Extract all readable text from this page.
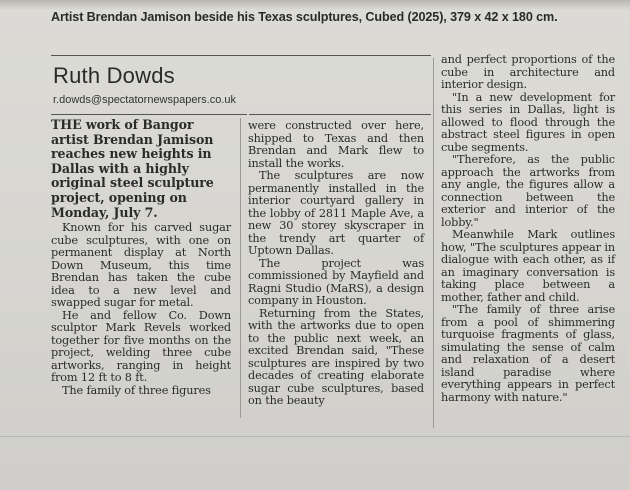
Artist Brendan Jamison beside his Texas sculptures, Cubed (2025), 379 x 42 x 180 cm.
Ruth Dowds
r.dowds@spectatornewspapers.co.uk

THE work of Bangor artist Brendan Jamison reaches new heights in Dallas with a highly original steel sculpture project, opening on Monday, July 7.

Known for his carved sugar cube sculptures, with one on permanent display at North Down Museum, this time Brendan has taken the cube idea to a new level and swapped sugar for metal.

He and fellow Co. Down sculptor Mark Revels worked together for five months on the project, welding three cube artworks, ranging in height from 12 ft to 8 ft.

The family of three figures

were constructed over here, shipped to Texas and then Brendan and Mark flew to install the works.

The sculptures are now permanently installed in the interior courtyard gallery in the lobby of 2811 Maple Ave, a new 30 storey skyscraper in the trendy art quarter of Uptown Dallas.

The project was commissioned by Mayfield and Ragni Studio (MaRS), a design company in Houston.

Returning from the States, with the artworks due to open to the public next week, an excited Brendan said, "These sculptures are inspired by two decades of creating elaborate sugar cube sculptures, based on the beauty

and perfect proportions of the cube in architecture and interior design.

"In a new development for this series in Dallas, light is allowed to flood through the abstract steel figures in open cube segments.

"Therefore, as the public approach the artworks from any angle, the figures allow a connection between the exterior and interior of the lobby."

Meanwhile Mark outlines how, "The sculptures appear in dialogue with each other, as if an imaginary conversation is taking place between a mother, father and child.

"The family of three arise from a pool of shimmering turquoise fragments of glass, simulating the sense of calm and relaxation of a desert island paradise where everything appears in perfect harmony with nature."
